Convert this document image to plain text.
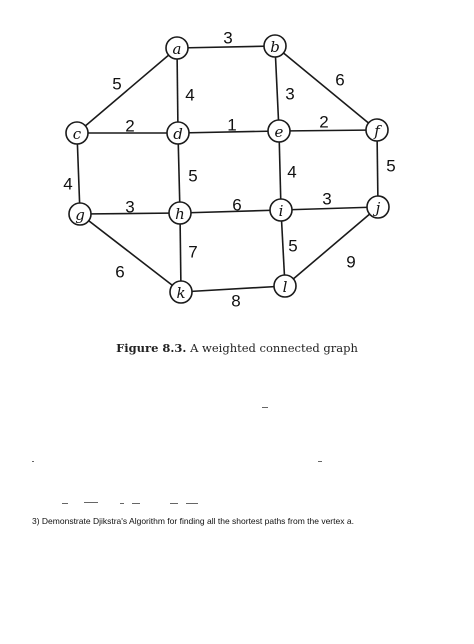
3
5
4	3
6
2	1	2
4	5	4	5
3	6	3
6
7	5
9
8
a	b
c	d	e	f
g	h	i	j
k	l
Figure 8.3. A weighted connected graph
3) Demonstrate Djikstra's Algorithm for finding all the shortest paths from the vertex a.
